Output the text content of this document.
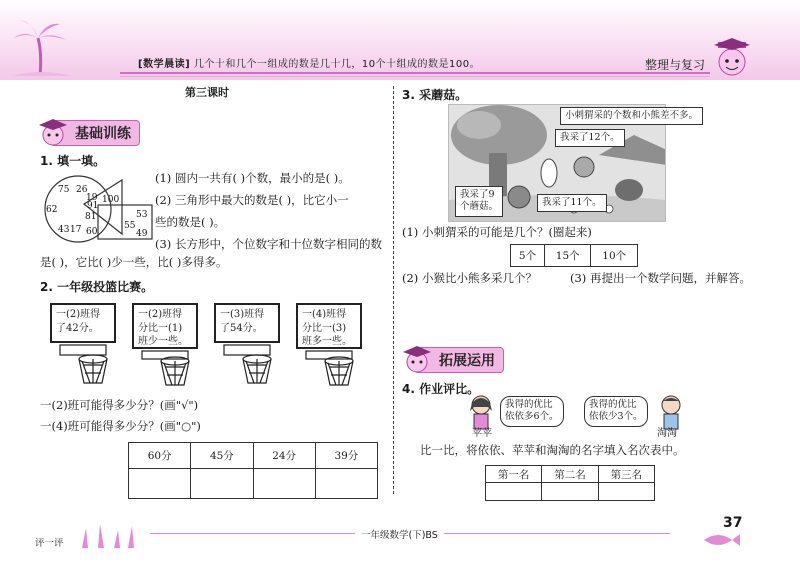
[数学晨读] 几个十和几个一组成的数是几十几，10个十组成的数是100。	整理与复习
第三课时
基础训练
1. 填一填。
75 26
62	91
81
43 17
100
19
60
53
55
49
(1) 圆内一共有( )个数，最小的是( )。
(2) 三角形中最大的数是( )，比它小一
些的数是( )。
(3) 长方形中，个位数字和十位数字相同的数
是( )，它比( )少一些，比( )多得多。
2. 一年级投篮比赛。
一(2)班得
了42分。
一(2)班得
分比一(1)
班少一些。
一(3)班得
了54分。
一(4)班得
分比一(3)
班多一些。
一(2)班可能得多少分？(画"√")
一(4)班可能得多少分？(画"○")
60分	45分	24分	39分

3. 采蘑菇。
小刺猬采的个数和小熊差不多。
我采了12个。
我采了9
个蘑菇。	我采了11个。
(1) 小刺猬采的可能是几个？(圈起来)
5个	15个	10个
(2) 小猴比小熊多采几个？	(3) 再提出一个数学问题，并解答。
拓展运用
4. 作业评比。
我得的优比
依依多6个。
苹苹
我得的优比
依依少3个。
淘淘
比一比，将依依、苹苹和淘淘的名字填入名次表中。
第一名	第二名	第三名

评一评
一年级数学(下)BS
37
